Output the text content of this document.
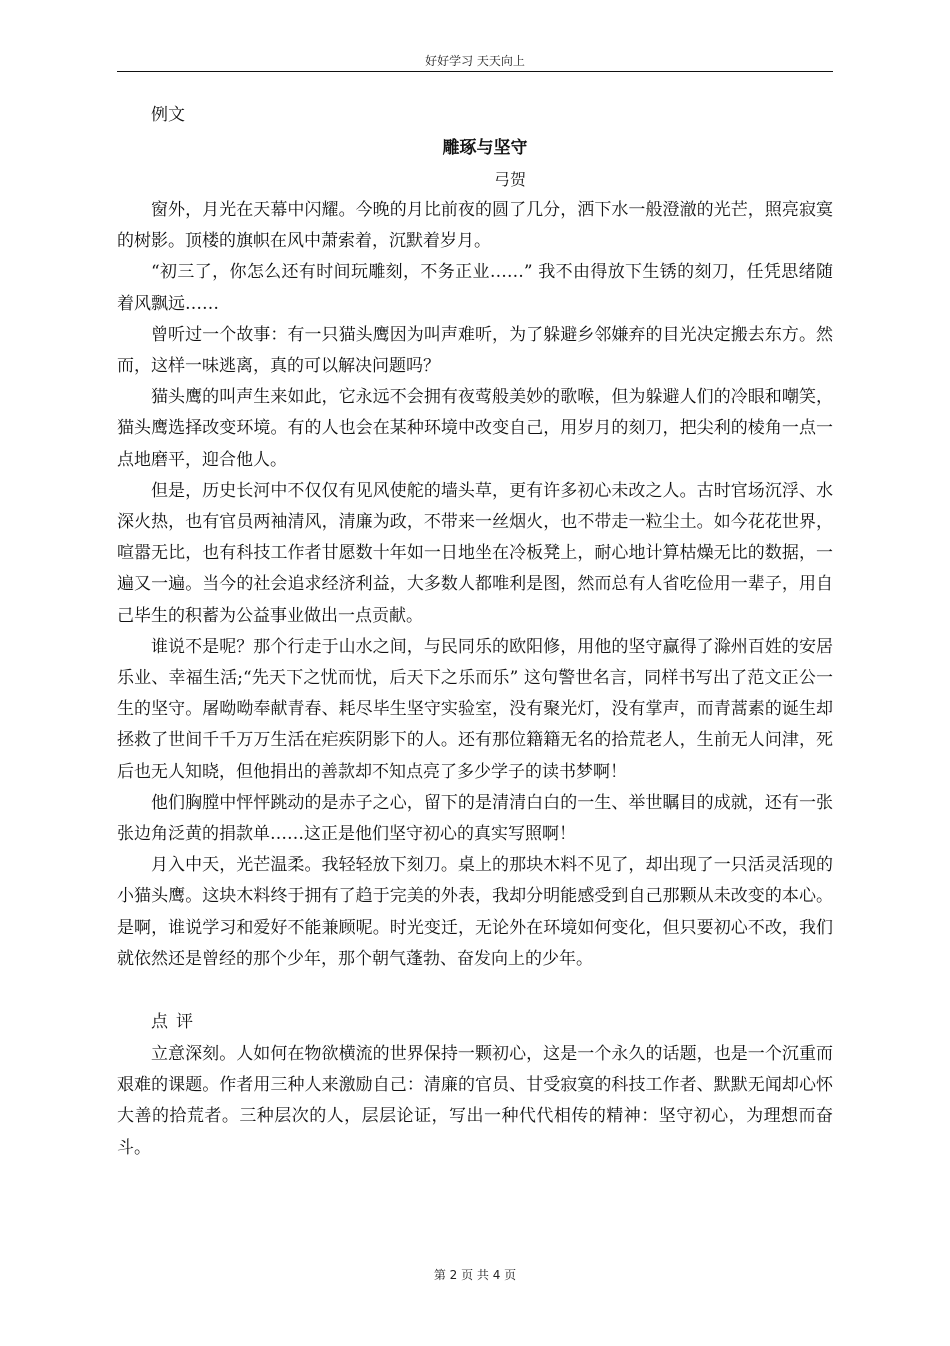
好好学习 天天向上

例文

雕琢与坚守

弓贺

窗外，月光在天幕中闪耀。今晚的月比前夜的圆了几分，洒下水一般澄澈的光芒，照亮寂寞的树影。顶楼的旗帜在风中萧索着，沉默着岁月。

“初三了，你怎么还有时间玩雕刻，不务正业……” 我不由得放下生锈的刻刀，任凭思绪随着风飘远……

曾听过一个故事：有一只猫头鹰因为叫声难听，为了躲避乡邻嫌弃的目光决定搬去东方。然而，这样一味逃离，真的可以解决问题吗？

猫头鹰的叫声生来如此，它永远不会拥有夜莺般美妙的歌喉，但为躲避人们的冷眼和嘲笑，猫头鹰选择改变环境。有的人也会在某种环境中改变自己，用岁月的刻刀，把尖利的棱角一点一点地磨平，迎合他人。

但是，历史长河中不仅仅有见风使舵的墙头草，更有许多初心未改之人。古时官场沉浮、水深火热，也有官员两袖清风，清廉为政，不带来一丝烟火，也不带走一粒尘土。如今花花世界，喧嚣无比，也有科技工作者甘愿数十年如一日地坐在冷板凳上，耐心地计算枯燥无比的数据，一遍又一遍。当今的社会追求经济利益，大多数人都唯利是图，然而总有人省吃俭用一辈子，用自己毕生的积蓄为公益事业做出一点贡献。

谁说不是呢？那个行走于山水之间，与民同乐的欧阳修，用他的坚守赢得了滁州百姓的安居乐业、幸福生活;“先天下之忧而忧，后天下之乐而乐” 这句警世名言，同样书写出了范文正公一生的坚守。屠呦呦奉献青春、耗尽毕生坚守实验室，没有聚光灯，没有掌声，而青蒿素的诞生却拯救了世间千千万万生活在疟疾阴影下的人。还有那位籍籍无名的拾荒老人，生前无人问津，死后也无人知晓，但他捐出的善款却不知点亮了多少学子的读书梦啊！

他们胸膛中怦怦跳动的是赤子之心，留下的是清清白白的一生、举世瞩目的成就，还有一张张边角泛黄的捐款单……这正是他们坚守初心的真实写照啊！

月入中天，光芒温柔。我轻轻放下刻刀。桌上的那块木料不见了，却出现了一只活灵活现的小猫头鹰。这块木料终于拥有了趋于完美的外表，我却分明能感受到自己那颗从未改变的本心。是啊，谁说学习和爱好不能兼顾呢。时光变迁，无论外在环境如何变化，但只要初心不改，我们就依然还是曾经的那个少年，那个朝气蓬勃、奋发向上的少年。

点评

立意深刻。人如何在物欲横流的世界保持一颗初心，这是一个永久的话题，也是一个沉重而艰难的课题。作者用三种人来激励自己：清廉的官员、甘受寂寞的科技工作者、默默无闻却心怀大善的拾荒者。三种层次的人，层层论证，写出一种代代相传的精神：坚守初心，为理想而奋斗。

第 2 页 共 4 页
